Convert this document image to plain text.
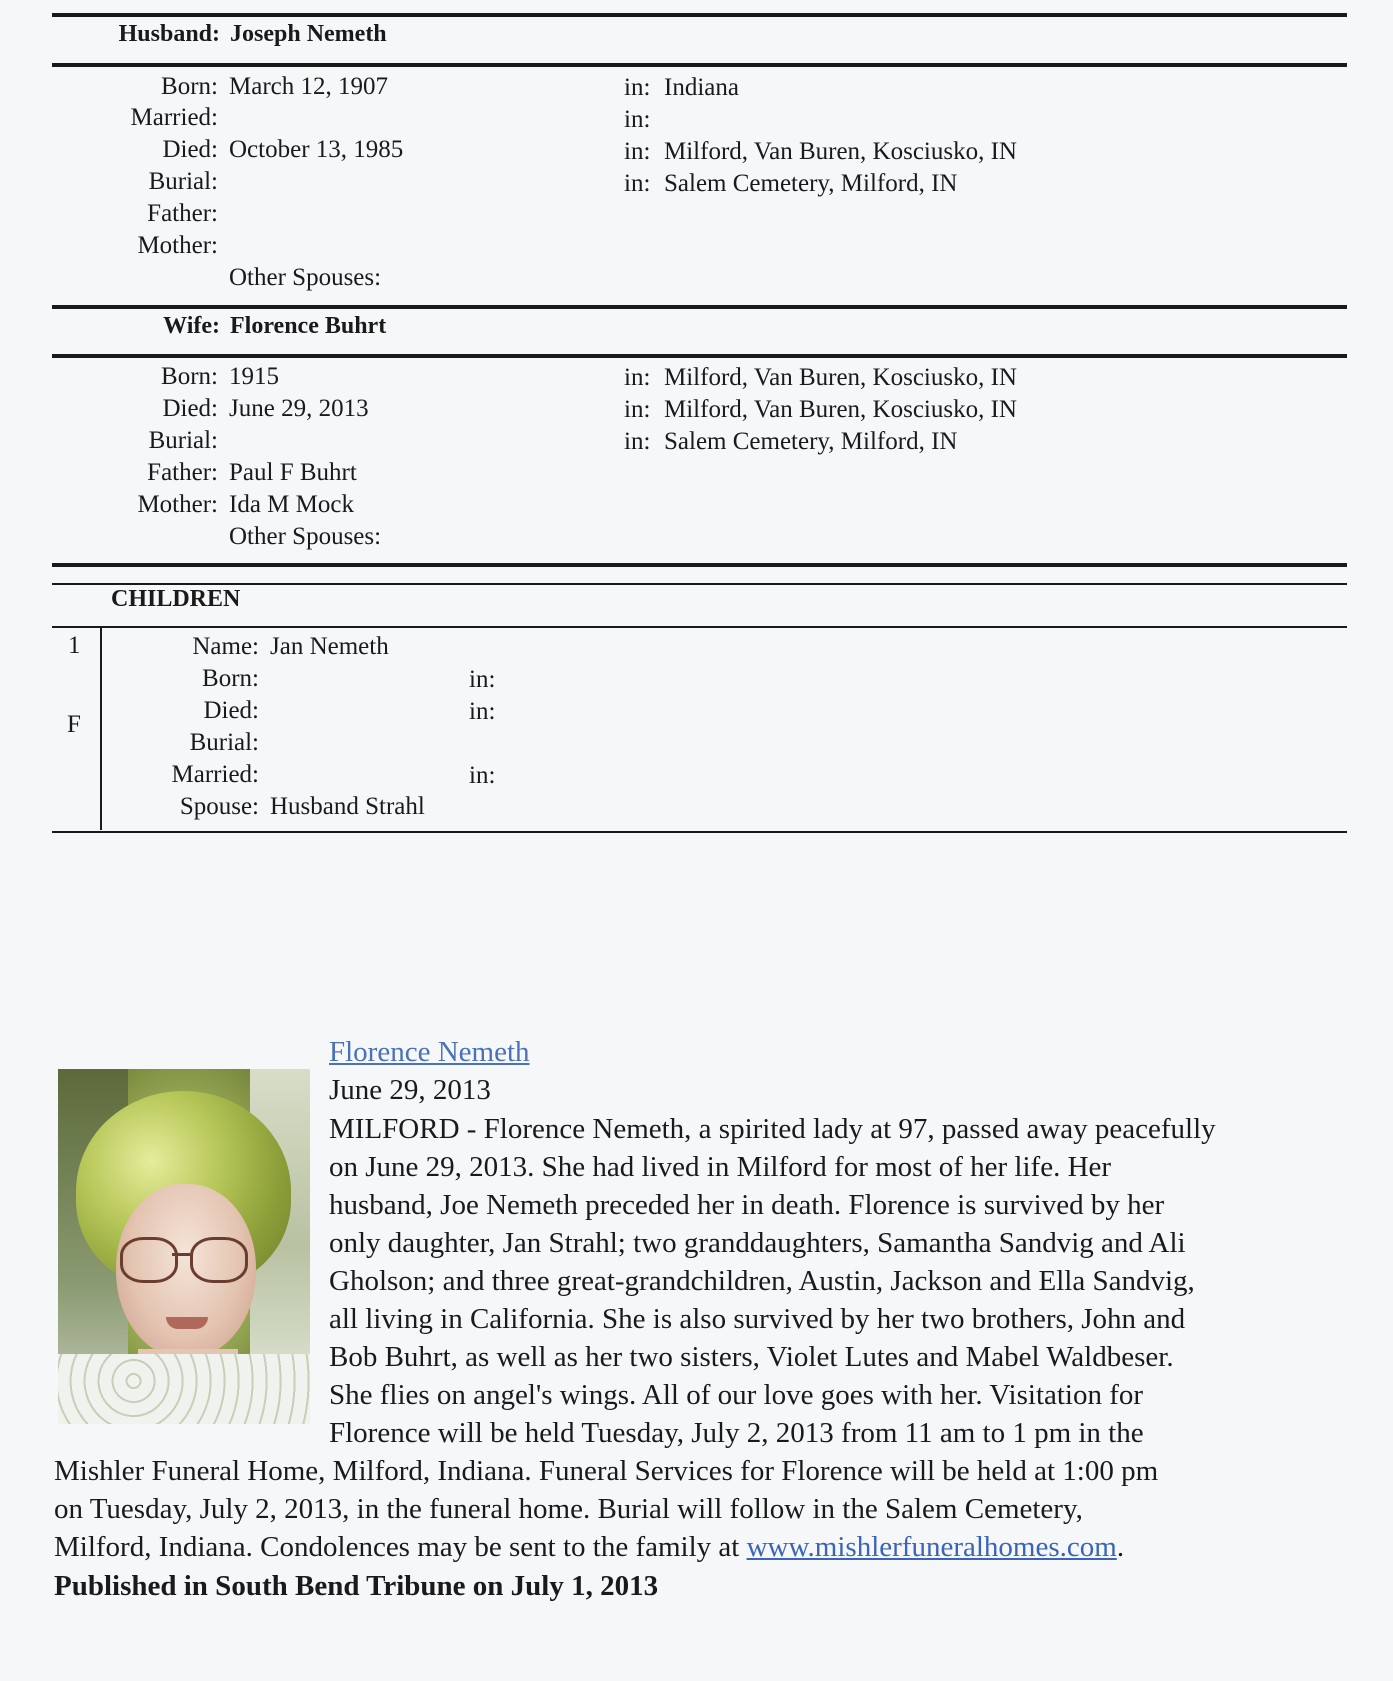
Husband: Joseph Nemeth
Born: March 12, 1907	in: Indiana
Married:	in:
Died: October 13, 1985	in: Milford, Van Buren, Kosciusko, IN
Burial:	in: Salem Cemetery, Milford, IN
Father:
Mother:
Other Spouses:
Wife: Florence Buhrt
Born: 1915	in: Milford, Van Buren, Kosciusko, IN
Died: June 29, 2013	in: Milford, Van Buren, Kosciusko, IN
Burial:	in: Salem Cemetery, Milford, IN
Father: Paul F Buhrt
Mother: Ida M Mock
Other Spouses:
CHILDREN
1
F
Name: Jan Nemeth
Born:	in:
Died:	in:
Burial:
Married:	in:
Spouse: Husband Strahl
Florence Nemeth
June 29, 2013
MILFORD - Florence Nemeth, a spirited lady at 97, passed away peacefully
on June 29, 2013. She had lived in Milford for most of her life. Her
husband, Joe Nemeth preceded her in death. Florence is survived by her
only daughter, Jan Strahl; two granddaughters, Samantha Sandvig and Ali
Gholson; and three great-grandchildren, Austin, Jackson and Ella Sandvig,
all living in California. She is also survived by her two brothers, John and
Bob Buhrt, as well as her two sisters, Violet Lutes and Mabel Waldbeser.
She flies on angel's wings. All of our love goes with her. Visitation for
Florence will be held Tuesday, July 2, 2013 from 11 am to 1 pm in the
Mishler Funeral Home, Milford, Indiana. Funeral Services for Florence will be held at 1:00 pm
on Tuesday, July 2, 2013, in the funeral home. Burial will follow in the Salem Cemetery,
Milford, Indiana. Condolences may be sent to the family at www.mishlerfuneralhomes.com.
Published in South Bend Tribune on July 1, 2013
